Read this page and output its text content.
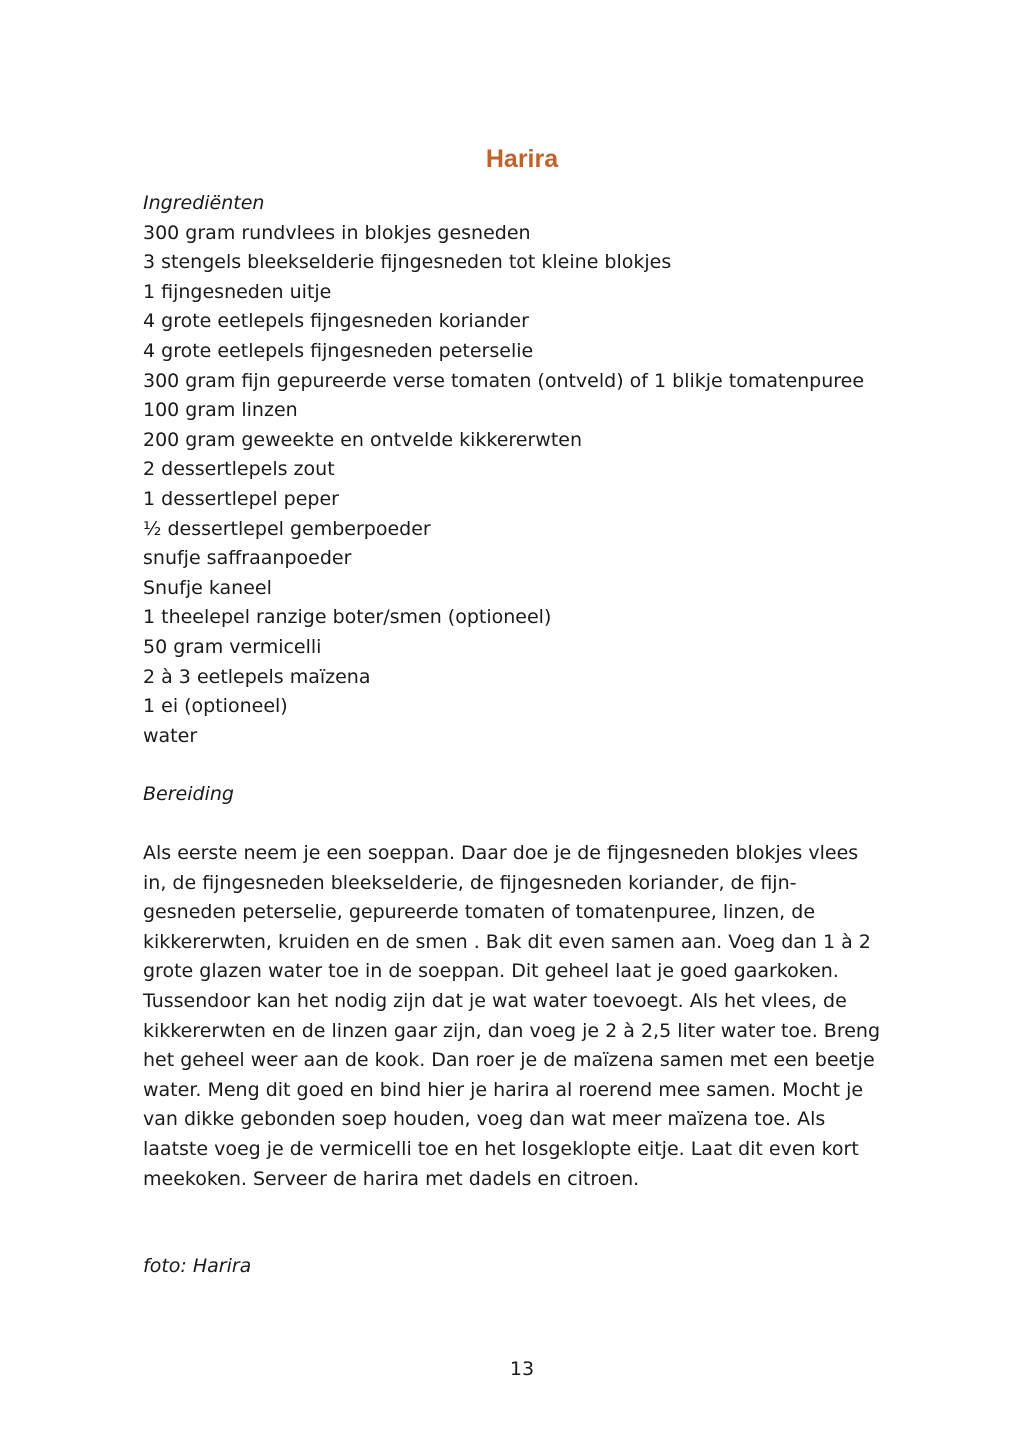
Harira
Ingrediënten
300 gram rundvlees in blokjes gesneden
3 stengels bleekselderie fijngesneden tot kleine blokjes
1 fijngesneden uitje
4 grote eetlepels fijngesneden koriander
4 grote eetlepels fijngesneden peterselie
300 gram fijn gepureerde verse tomaten (ontveld) of 1 blikje tomatenpuree
100 gram linzen
200 gram geweekte en ontvelde kikkererwten
2 dessertlepels zout
1 dessertlepel peper
½ dessertlepel gemberpoeder
snufje saffraanpoeder
Snufje kaneel
1 theelepel ranzige boter/smen (optioneel)
50 gram vermicelli
2 à 3 eetlepels maïzena
1 ei (optioneel)
water
Bereiding

Als eerste neem je een soeppan. Daar doe je de fijngesneden blokjes vlees
in, de fijngesneden bleekselderie, de fijngesneden koriander, de fijn-
gesneden peterselie, gepureerde tomaten of tomatenpuree, linzen, de
kikkererwten, kruiden en de smen . Bak dit even samen aan. Voeg dan 1 à 2
grote glazen water toe in de soeppan. Dit geheel laat je goed gaarkoken.
Tussendoor kan het nodig zijn dat je wat water toevoegt. Als het vlees, de
kikkererwten en de linzen gaar zijn, dan voeg je 2 à 2,5 liter water toe. Breng
het geheel weer aan de kook. Dan roer je de maïzena samen met een beetje
water. Meng dit goed en bind hier je harira al roerend mee samen. Mocht je
van dikke gebonden soep houden, voeg dan wat meer maïzena toe. Als
laatste voeg je de vermicelli toe en het losgeklopte eitje. Laat dit even kort
meekoken. Serveer de harira met dadels en citroen.

foto: Harira
13
